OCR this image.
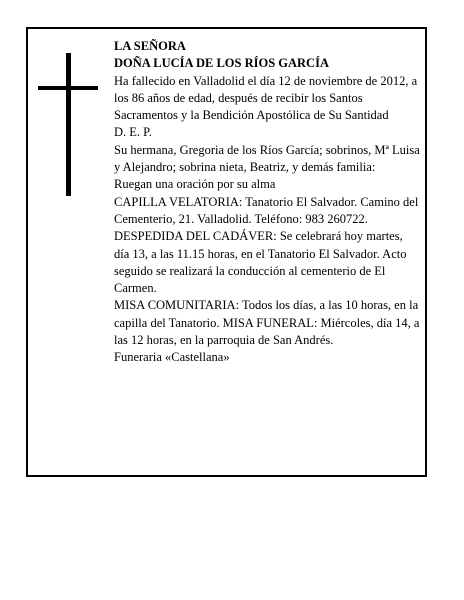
LA SEÑORA

DOÑA LUCÍA DE LOS RÍOS GARCÍA

Ha fallecido en Valladolid el día 12 de noviembre de 2012, a los 86 años de edad, después de recibir los Santos Sacramentos y la Bendición Apostólica de Su Santidad

D. E. P.

Su hermana, Gregoria de los Ríos García; sobrinos, Mª Luisa y Alejandro; sobrina nieta, Beatriz, y demás familia:

Ruegan una oración por su alma

CAPILLA VELATORIA: Tanatorio El Salvador. Camino del Cementerio, 21. Valladolid. Teléfono: 983 260722.

DESPEDIDA DEL CADÁVER: Se celebrará hoy martes, día 13, a las 11.15 horas, en el Tanatorio El Salvador. Acto seguido se realizará la conducción al cementerio de El Carmen.

MISA COMUNITARIA: Todos los días, a las 10 horas, en la capilla del Tanatorio. MISA FUNERAL: Miércoles, día 14, a las 12 horas, en la parroquia de San Andrés.

Funeraria «Castellana»
